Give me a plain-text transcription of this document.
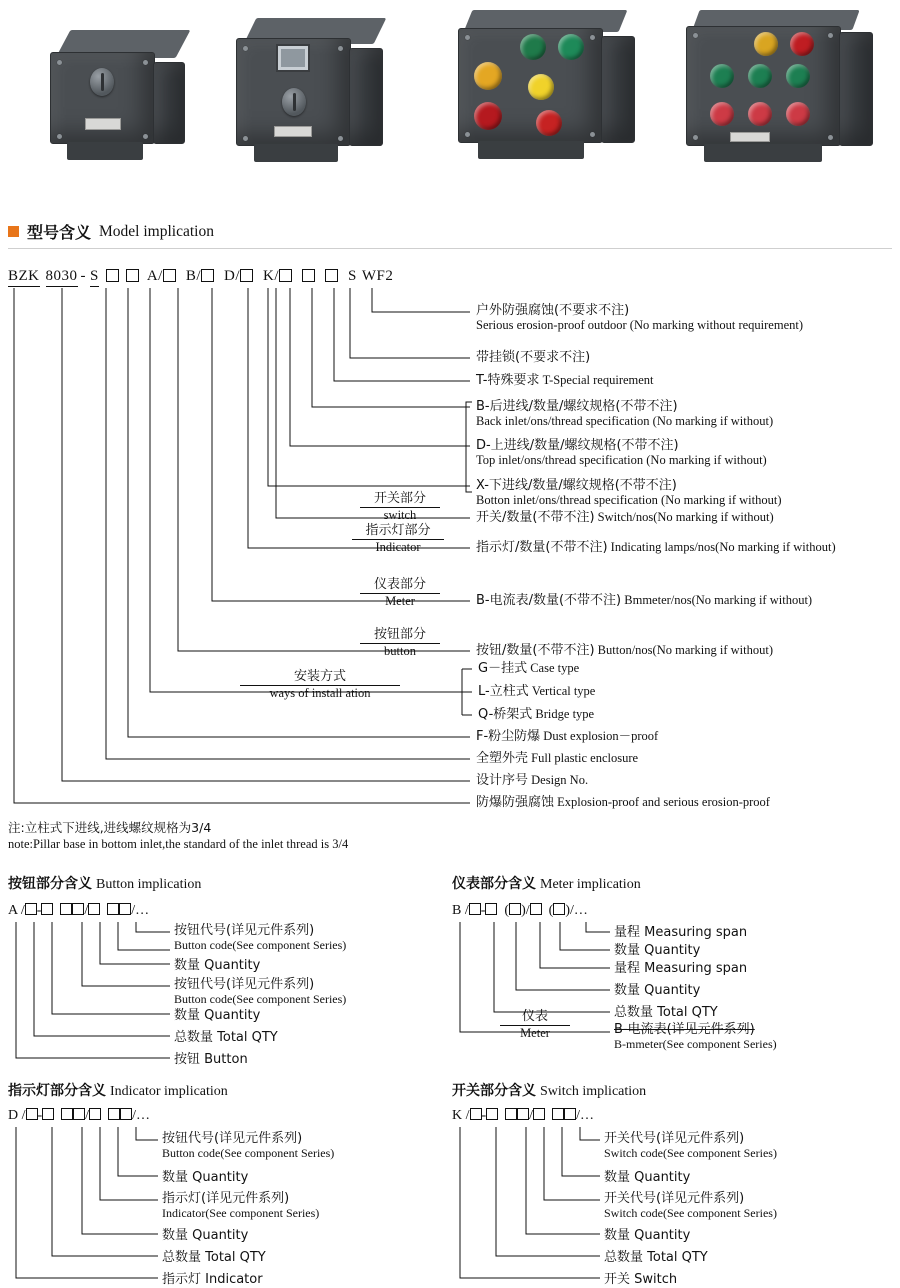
型号含义 Model implication
BZK 8030 - S	A/ B/ D/ K/	S WF2
户外防强腐蚀(不要求不注)
Serious erosion-proof outdoor (No marking without requirement)
带挂锁(不要求不注)
T-特殊要求 T-Special requirement
B-后进线/数量/螺纹规格(不带不注)
Back inlet/ons/thread specification (No marking if without)
D-上进线/数量/螺纹规格(不带不注)
Top inlet/ons/thread specification (No marking if without)
X-下进线/数量/螺纹规格(不带不注)
Botton inlet/ons/thread specification (No marking if without)
开关/数量(不带不注) Switch/nos(No marking if without)
指示灯/数量(不带不注) Indicating lamps/nos(No marking if without)
B-电流表/数量(不带不注) Bmmeter/nos(No marking if without)
按钮/数量(不带不注) Button/nos(No marking if without)
G－挂式 Case type
L-立柱式 Vertical type
Q-桥架式 Bridge type
F-粉尘防爆 Dust explosion－proof
全塑外壳 Full plastic enclosure
设计序号 Design No.
防爆防强腐蚀 Explosion-proof and serious erosion-proof
开关部分
switch
指示灯部分
Indicator
仪表部分
Meter
按钮部分
button
安装方式
ways of install ation
注:立柱式下进线,进线螺纹规格为3/4
note:Pillar base in bottom inlet,the standard of the inlet thread is 3/4
按钮部分含义 Button implication
A / -	/	/…
按钮代号(详见元件系列)
Button code(See component Series)
数量 Quantity
按钮代号(详见元件系列)
Button code(See component Series)
数量 Quantity
总数量 Total QTY
按钮 Button
仪表部分含义 Meter implication
B / -  ( )/  ( )/…
量程 Measuring span
数量 Quantity
量程 Measuring span
数量 Quantity
总数量 Total QTY
B-电流表(详见元件系列)
B-mmeter(See component Series)
仪表
Meter
指示灯部分含义 Indicator implication
D / -	/	/…
按钮代号(详见元件系列)
Button code(See component Series)
数量 Quantity
指示灯(详见元件系列)
Indicator(See component Series)
数量 Quantity
总数量 Total QTY
指示灯 Indicator
开关部分含义 Switch implication
K / -	/	/…
开关代号(详见元件系列)
Switch code(See component Series)
数量 Quantity
开关代号(详见元件系列)
Switch code(See component Series)
数量 Quantity
总数量 Total QTY
开关 Switch
